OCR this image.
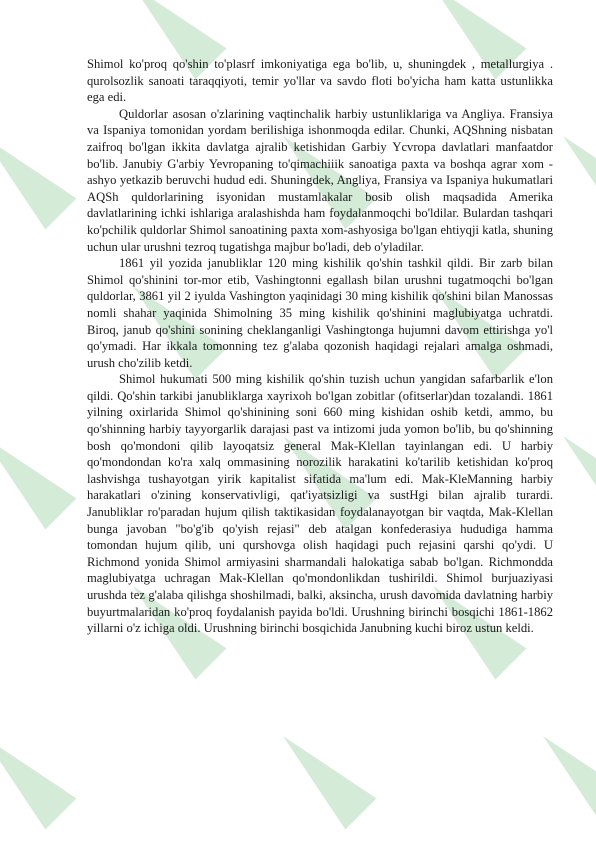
Shimol ko'proq qo'shin to'plasrf imkoniyatiga ega bo'lib, u, shuningdek , metallurgiya . qurolsozlik sanoati taraqqiyoti, temir yo'llar va savdo floti bo'yicha ham katta ustunlikka ega edi.

Quldorlar asosan o'zlarining vaqtinchalik harbiy ustunliklariga va Angliya. Fransiya va Ispaniya tomonidan yordam berilishiga ishonmoqda edilar. Chunki, AQShning nisbatan zaifroq bo'lgan ikkita davlatga ajralib ketishidan Garbiy Ycvropa davlatlari manfaatdor bo'lib. Janubiy G'arbiy Yevropaning to'qimachiiik sanoatiga paxta va boshqa agrar xom -ashyo yetkazib beruvchi hudud edi. Shuningdek, Angliya, Fransiya va Ispaniya hukumatlari AQSh quldorlarining isyonidan mustamlakalar bosib olish maqsadida Amerika davlatlarining ichki ishlariga aralashishda ham foydalanmoqchi bo'ldilar. Bulardan tashqari ko'pchilik quldorlar Shimol sanoatining paxta xom-ashyosiga bo'lgan ehtiyqji katla, shuning uchun ular urushni tezroq tugatishga majbur bo'ladi, deb o'yladilar.

1861 yil yozida janubliklar 120 ming kishilik qo'shin tashkil qildi. Bir zarb bilan Shimol qo'shinini tor-mor etib, Vashingtonni egallash bilan urushni tugatmoqchi bo'lgan quldorlar, 3861 yil 2 iyulda Vashington yaqinidagi 30 ming kishilik qo'shini bilan Manossas nomli shahar yaqinida Shimolning 35 ming kishilik qo'shinini maglubiyatga uchratdi. Biroq, janub qo'shini sonining cheklanganligi Vashingtonga hujumni davom ettirishga yo'l qo'ymadi. Har ikkala tomonning tez g'alaba qozonish haqidagi rejalari amalga oshmadi, urush cho'zilib ketdi.

Shimol hukumati 500 ming kishilik qo'shin tuzish uchun yangidan safarbarlik e'lon qildi. Qo'shin tarkibi janubliklarga xayrixoh bo'lgan zobitlar (ofitserlar)dan tozalandi. 1861 yilning oxirlarida Shimol qo'shinining soni 660 ming kishidan oshib ketdi, ammo, bu qo'shinning harbiy tayyorgarlik darajasi past va intizomi juda yomon bo'lib, bu qo'shinning bosh qo'mondoni qilib layoqatsiz general Mak-Klellan tayinlangan edi. U harbiy qo'mondondan ko'ra xalq ommasining norozilik harakatini ko'tarilib ketishidan ko'proq lashvishga tushayotgan yirik kapitalist sifatida ma'lum edi. Mak-KleManning harbiy harakatlari o'zining konservativligi, qat'iyatsizligi va sustHgi bilan ajralib turardi. Janubliklar ro'paradan hujum qilish taktikasidan foydalanayotgan bir vaqtda, Mak-Klellan bunga javoban "bo'g'ib qo'yish rejasi" deb atalgan konfederasiya hududiga hamma tomondan hujum qilib, uni qurshovga olish haqidagi puch rejasini qarshi qo'ydi. U Richmond yonida Shimol armiyasini sharmandali halokatiga sabab bo'lgan. Richmondda maglubiyatga uchragan Mak-Klellan qo'mondonlikdan tushirildi. Shimol burjuaziyasi urushda tez g'alaba qilishga shoshilmadi, balki, aksincha, urush davomida davlatning harbiy buyurtmalaridan ko'proq foydalanish payida bo'ldi. Urushning birinchi bosqichi 1861-1862 yillarni o'z ichiga oldi. Urushning birinchi bosqichida Janubning kuchi biroz ustun keldi.
